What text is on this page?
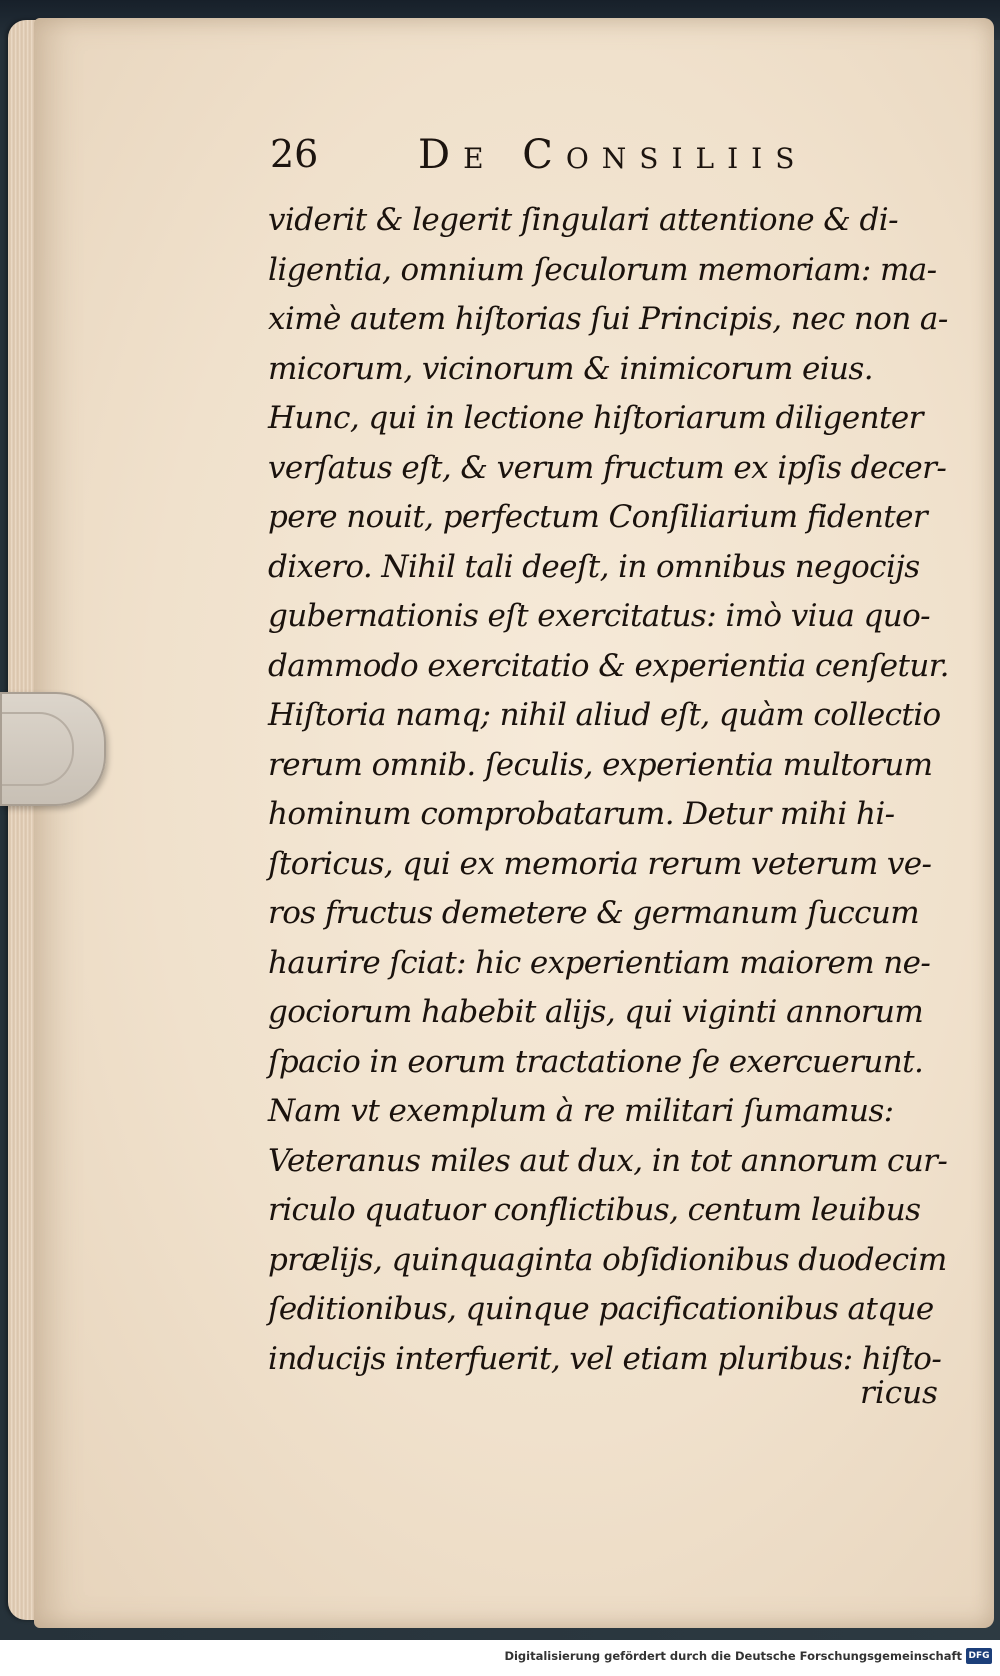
26 De Consiliis
viderit & legerit ſingulari attentione & di-
ligentia, omnium ſeculorum memoriam: ma-
ximè autem hiſtorias ſui Principis, nec non a-
micorum, vicinorum & inimicorum eius.
Hunc, qui in lectione hiſtoriarum diligenter
verſatus eſt, & verum fructum ex ipſis decer-
pere nouit, perfectum Conſiliarium fidenter
dixero. Nihil tali deeſt, in omnibus negocijs
gubernationis eſt exercitatus: imò viua quo-
dammodo exercitatio & experientia cenſetur.
Hiſtoria namq; nihil aliud eſt, quàm collectio
rerum omnib. ſeculis, experientia multorum
hominum comprobatarum. Detur mihi hi-
ſtoricus, qui ex memoria rerum veterum ve-
ros fructus demetere & germanum ſuccum
haurire ſciat: hic experientiam maiorem ne-
gociorum habebit alijs, qui viginti annorum
ſpacio in eorum tractatione ſe exercuerunt.
Nam vt exemplum à re militari ſumamus:
Veteranus miles aut dux, in tot annorum cur-
riculo quatuor conflictibus, centum leuibus
prælijs, quinquaginta obſidionibus duodecim
ſeditionibus, quinque pacificationibus atque
inducijs interfuerit, vel etiam pluribus: hiſto-
ricus
Digitalisierung gefördert durch die Deutsche Forschungsgemeinschaft DFG
